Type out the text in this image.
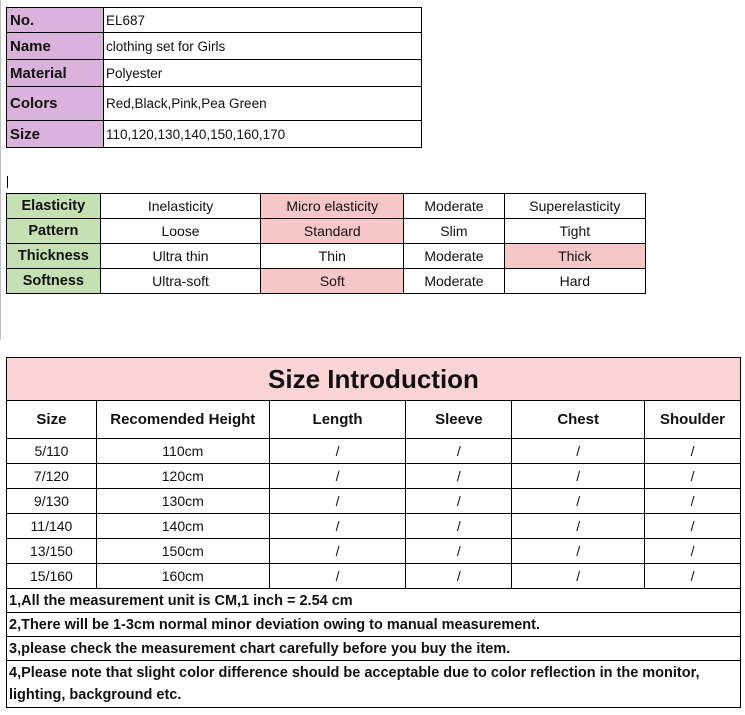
No.	EL687
Name	clothing set for Girls
Material	Polyester
Colors	Red,Black,Pink,Pea Green
Size	110,120,130,140,150,160,170
Elasticity	Inelasticity	Micro elasticity	Moderate	Superelasticity
Pattern	Loose	Standard	Slim	Tight
Thickness	Ultra thin	Thin	Moderate	Thick
Softness	Ultra-soft	Soft	Moderate	Hard
Size Introduction					
Size	Recomended Height	Length	Sleeve	Chest	Shoulder
5/110	110cm	/	/	/	/
7/120	120cm	/	/	/	/
9/130	130cm	/	/	/	/
11/140	140cm	/	/	/	/
13/150	150cm	/	/	/	/
15/160	160cm	/	/	/	/
1,All the measurement unit is CM,1 inch = 2.54 cm					
2,There will be 1-3cm normal minor deviation owing to manual measurement.					
3,please check the measurement chart carefully before you buy the item.					
4,Please note that slight color difference should be acceptable due to color reflection in the monitor, lighting, background etc.					
